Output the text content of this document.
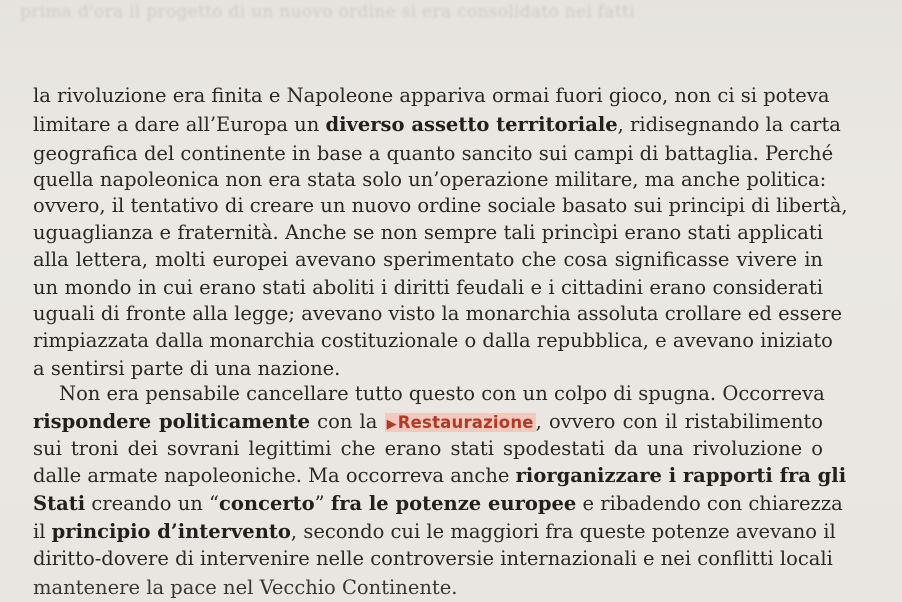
prima d'ora il progetto di un nuovo ordine si era consolidato nei fatti
la rivoluzione era finita e Napoleone appariva ormai fuori gioco, non ci si poteva
limitare a dare all’Europa un diverso assetto territoriale, ridisegnando la carta
geografica del continente in base a quanto sancito sui campi di battaglia. Perché
quella napoleonica non era stata solo un’operazione militare, ma anche politica:
ovvero, il tentativo di creare un nuovo ordine sociale basato sui principi di libertà,
uguaglianza e fraternità. Anche se non sempre tali princìpi erano stati applicati
alla lettera, molti europei avevano sperimentato che cosa significasse vivere in
un mondo in cui erano stati aboliti i diritti feudali e i cittadini erano considerati
uguali di fronte alla legge; avevano visto la monarchia assoluta crollare ed essere
rimpiazzata dalla monarchia costituzionale o dalla repubblica, e avevano iniziato
a sentirsi parte di una nazione.
Non era pensabile cancellare tutto questo con un colpo di spugna. Occorreva
rispondere politicamente con la ▶Restaurazione , ovvero con il ristabilimento
sui troni dei sovrani legittimi che erano stati spodestati da una rivoluzione o
dalle armate napoleoniche. Ma occorreva anche riorganizzare i rapporti fra gli
Stati creando un “concerto” fra le potenze europee e ribadendo con chiarezza
il principio d’intervento, secondo cui le maggiori fra queste potenze avevano il
diritto-dovere di intervenire nelle controversie internazionali e nei conflitti locali
mantenere la pace nel Vecchio Continente.
